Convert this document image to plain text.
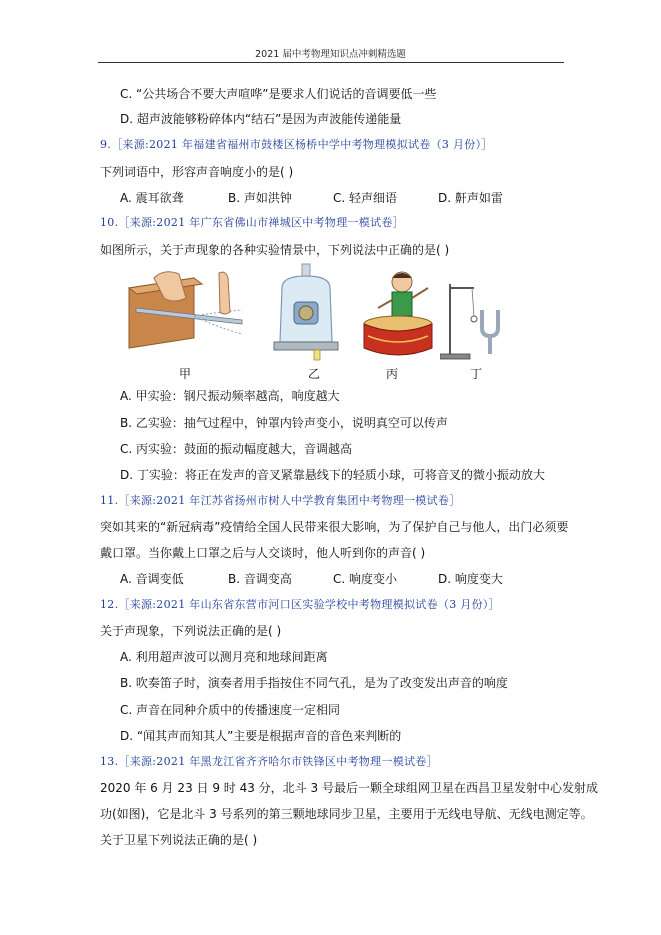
2021 届中考物理知识点冲刺精选题
C. “公共场合不要大声喧哗”是要求人们说话的音调要低一些
D. 超声波能够粉碎体内“结石”是因为声波能传递能量
9.［来源:2021 年福建省福州市鼓楼区杨桥中学中考物理模拟试卷（3 月份）］
下列词语中，形容声音响度小的是( )
A. 震耳欲聋	B. 声如洪钟	C. 轻声细语	D. 鼾声如雷
10.［来源:2021 年广东省佛山市禅城区中考物理一模试卷］
如图所示，关于声现象的各种实验情景中，下列说法中正确的是( )
甲	乙	丙	丁
A. 甲实验：钢尺振动频率越高，响度越大
B. 乙实验：抽气过程中，钟罩内铃声变小，说明真空可以传声
C. 丙实验：鼓面的振动幅度越大，音调越高
D. 丁实验：将正在发声的音叉紧靠悬线下的轻质小球，可将音叉的微小振动放大
11.［来源:2021 年江苏省扬州市树人中学教育集团中考物理一模试卷］
突如其来的“新冠病毒”疫情给全国人民带来很大影响，为了保护自己与他人，出门必须要
戴口罩。当你戴上口罩之后与人交谈时，他人听到你的声音( )
A. 音调变低	B. 音调变高	C. 响度变小	D. 响度变大
12.［来源:2021 年山东省东营市河口区实验学校中考物理模拟试卷（3 月份）］
关于声现象，下列说法正确的是( )
A. 利用超声波可以测月亮和地球间距离
B. 吹奏笛子时，演奏者用手指按住不同气孔，是为了改变发出声音的响度
C. 声音在同种介质中的传播速度一定相同
D. “闻其声而知其人”主要是根据声音的音色来判断的
13.［来源:2021 年黑龙江省齐齐哈尔市铁锋区中考物理一模试卷］
2020 年 6 月 23 日 9 时 43 分，北斗 3 号最后一颗全球组网卫星在西昌卫星发射中心发射成
功(如图)，它是北斗 3 号系列的第三颗地球同步卫星，主要用于无线电导航、无线电测定等。
关于卫星下列说法正确的是( )
